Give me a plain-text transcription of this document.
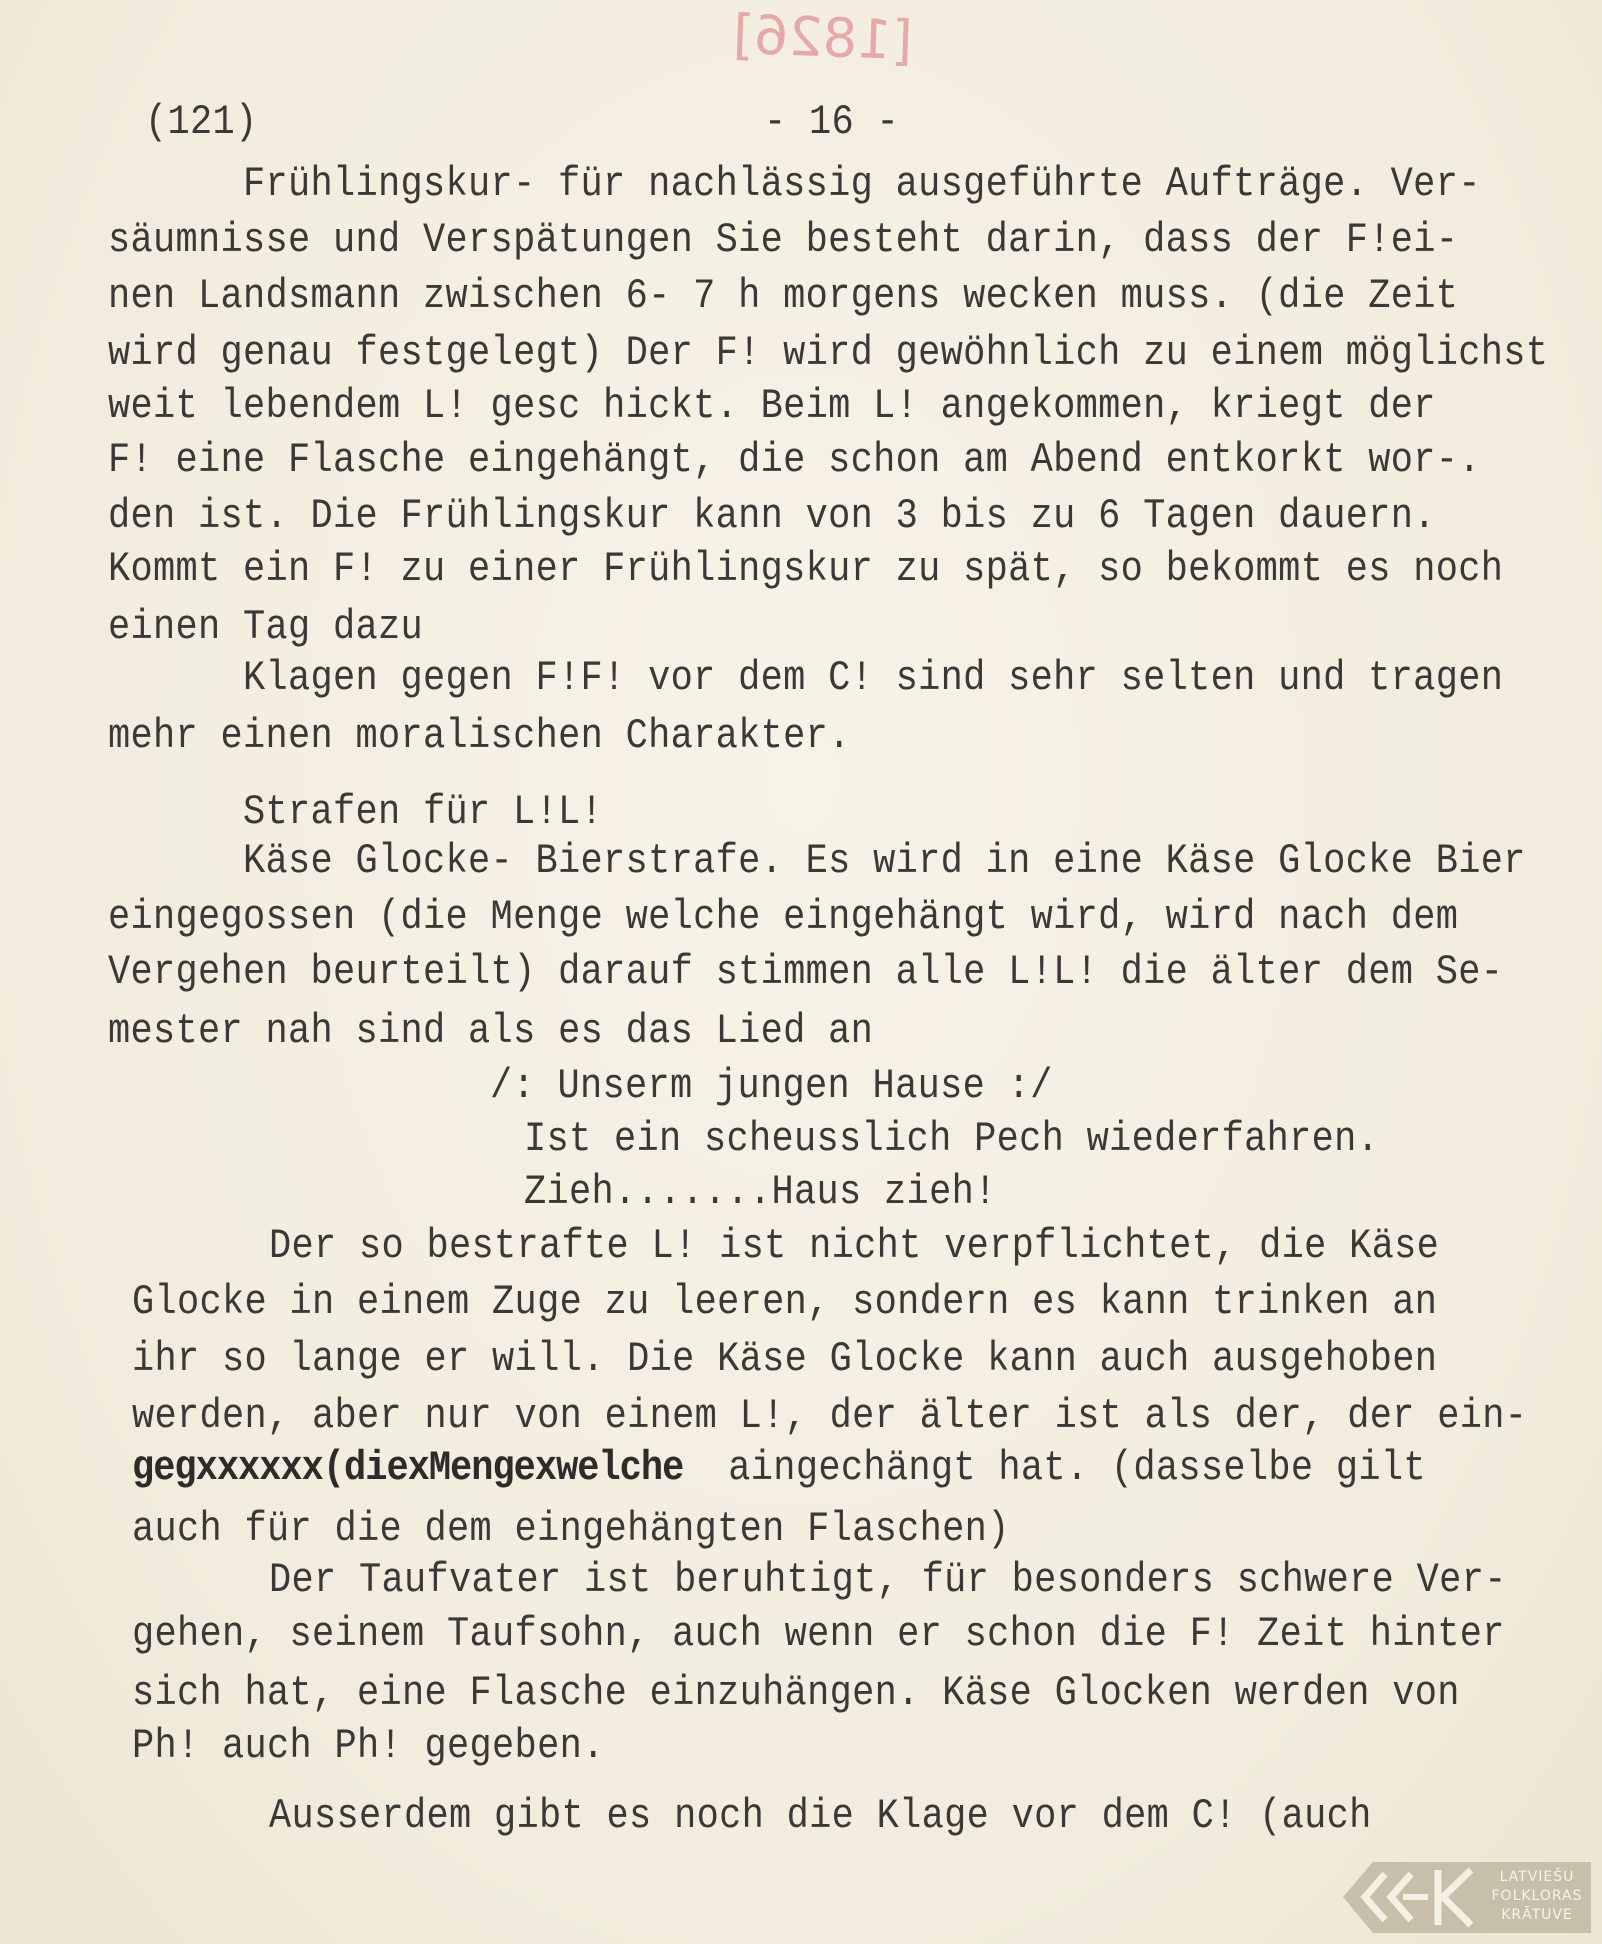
[1826]
(121)	- 16 -
Frühlingskur- für nachlässig ausgeführte Aufträge. Ver-
säumnisse und Verspätungen Sie besteht darin, dass der F!ei-
nen Landsmann zwischen 6- 7 h morgens wecken muss. (die Zeit
wird genau festgelegt) Der F! wird gewöhnlich zu einem möglichst
weit lebendem L! gesc hickt. Beim L! angekommen, kriegt der
F! eine Flasche eingehängt, die schon am Abend entkorkt wor-.
den ist. Die Frühlingskur kann von 3 bis zu 6 Tagen dauern.
Kommt ein F! zu einer Frühlingskur zu spät, so bekommt es noch
einen Tag dazu
Klagen gegen F!F! vor dem C! sind sehr selten und tragen
mehr einen moralischen Charakter.
Strafen für L!L!
Käse Glocke- Bierstrafe. Es wird in eine Käse Glocke Bier
eingegossen (die Menge welche eingehängt wird, wird nach dem
Vergehen beurteilt) darauf stimmen alle L!L! die älter dem Se-
mester nah sind als es das Lied an
/: Unserm jungen Hause :/
Ist ein scheusslich Pech wiederfahren.
Zieh.......Haus zieh!
Der so bestrafte L! ist nicht verpflichtet, die Käse
Glocke in einem Zuge zu leeren, sondern es kann trinken an
ihr so lange er will. Die Käse Glocke kann auch ausgehoben
werden, aber nur von einem L!, der älter ist als der, der ein-
gegxxxxxx(diexMengexwelche  aingechängt hat. (dasselbe gilt
auch für die dem eingehängten Flaschen)
Der Taufvater ist beruhtigt, für besonders schwere Ver-
gehen, seinem Taufsohn, auch wenn er schon die F! Zeit hinter
sich hat, eine Flasche einzuhängen. Käse Glocken werden von
Ph! auch Ph! gegeben.
Ausserdem gibt es noch die Klage vor dem C! (auch
LATVIEŠU
FOLKLORAS
KRĀTUVE
